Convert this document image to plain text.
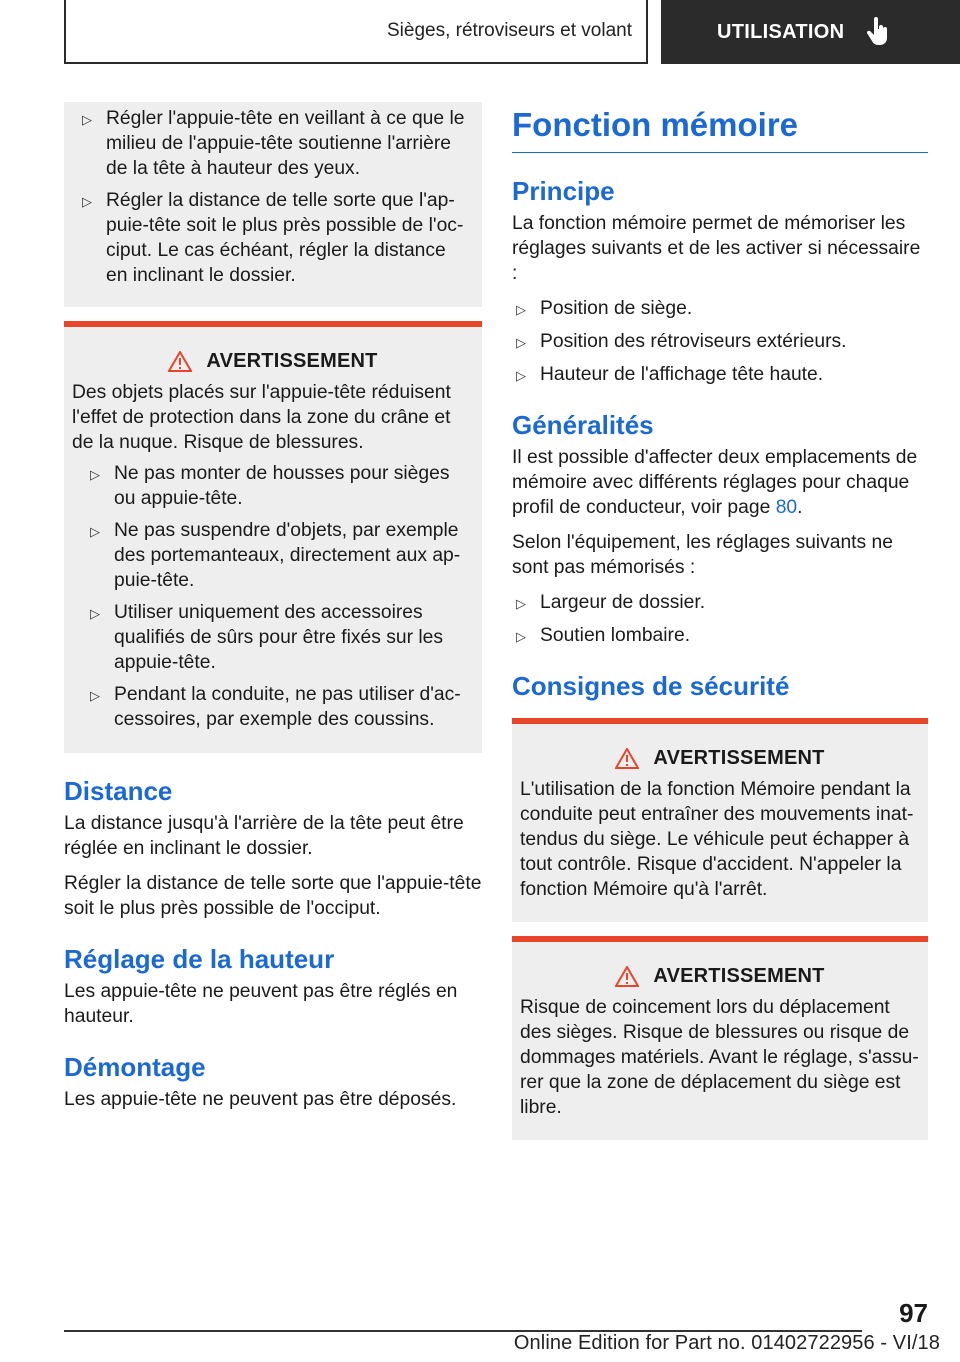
Sièges, rétroviseurs et volant	UTILISATION
▷ Régler l'appuie-tête en veillant à ce que le milieu de l'appuie-tête soutienne l'arrière de la tête à hauteur des yeux.
▷ Régler la distance de telle sorte que l'appuie-tête soit le plus près possible de l'occiput. Le cas échéant, régler la distance en inclinant le dossier.
AVERTISSEMENT

Des objets placés sur l'appuie-tête réduisent l'effet de protection dans la zone du crâne et de la nuque. Risque de blessures.

▷ Ne pas monter de housses pour sièges ou appuie-tête.
▷ Ne pas suspendre d'objets, par exemple des portemanteaux, directement aux appuie-tête.
▷ Utiliser uniquement des accessoires qualifiés de sûrs pour être fixés sur les appuie-tête.
▷ Pendant la conduite, ne pas utiliser d'accessoires, par exemple des coussins.
Distance

La distance jusqu'à l'arrière de la tête peut être réglée en inclinant le dossier.

Régler la distance de telle sorte que l'appuie-tête soit le plus près possible de l'occiput.

Réglage de la hauteur

Les appuie-tête ne peuvent pas être réglés en hauteur.

Démontage

Les appuie-tête ne peuvent pas être déposés.

Fonction mémoire
Principe

La fonction mémoire permet de mémoriser les réglages suivants et de les activer si nécessaire :

▷ Position de siège.
▷ Position des rétroviseurs extérieurs.
▷ Hauteur de l'affichage tête haute.
Généralités

Il est possible d'affecter deux emplacements de mémoire avec différents réglages pour chaque profil de conducteur, voir page 80.

Selon l'équipement, les réglages suivants ne sont pas mémorisés :

▷ Largeur de dossier.
▷ Soutien lombaire.
Consignes de sécurité
AVERTISSEMENT

L'utilisation de la fonction Mémoire pendant la conduite peut entraîner des mouvements inattendus du siège. Le véhicule peut échapper à tout contrôle. Risque d'accident. N'appeler la fonction Mémoire qu'à l'arrêt.

AVERTISSEMENT

Risque de coincement lors du déplacement des sièges. Risque de blessures ou risque de dommages matériels. Avant le réglage, s'assurer que la zone de déplacement du siège est libre.

97
Online Edition for Part no. 01402722956 - VI/18
